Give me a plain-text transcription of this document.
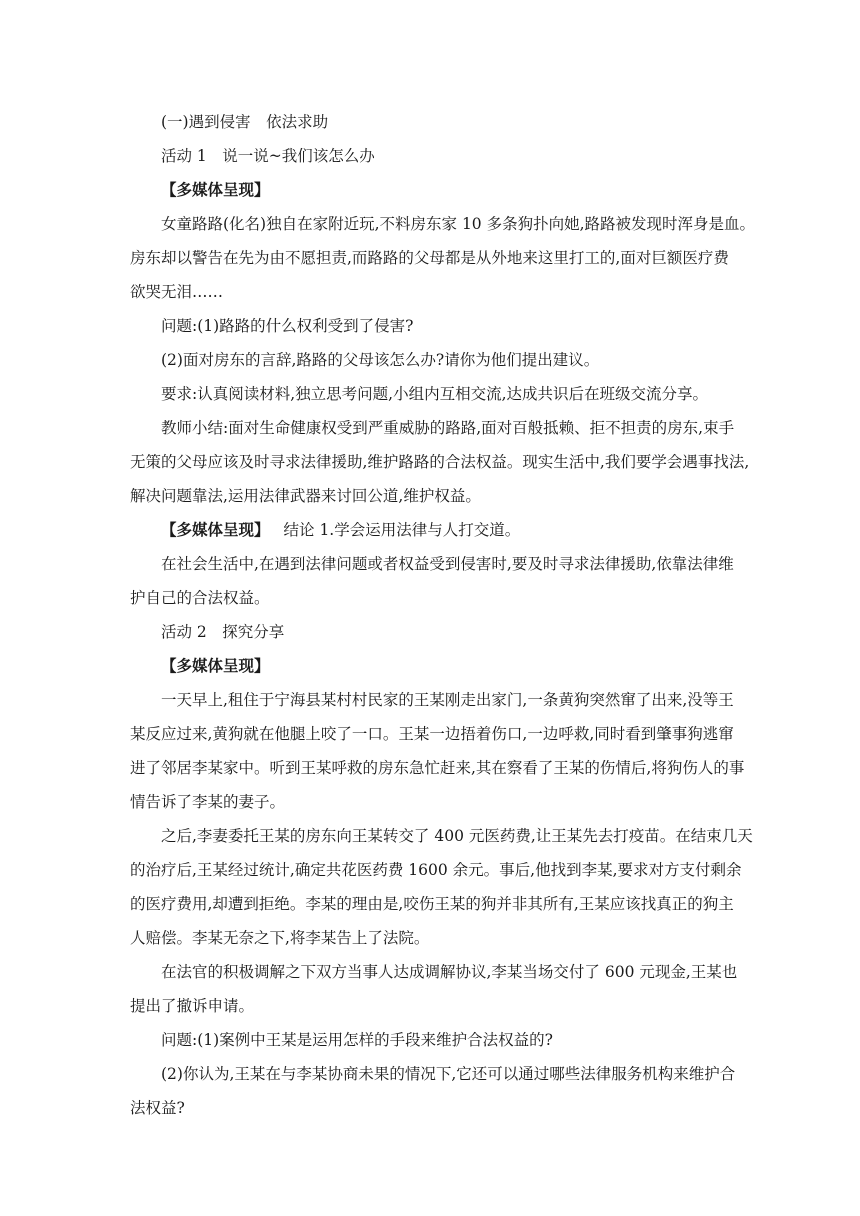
(一)遇到侵害　依法求助
活动 1　说一说~我们该怎么办
【多媒体呈现】
女童路路(化名)独自在家附近玩,不料房东家 10 多条狗扑向她,路路被发现时浑身是血。
房东却以警告在先为由不愿担责,而路路的父母都是从外地来这里打工的,面对巨额医疗费
欲哭无泪……
问题:(1)路路的什么权利受到了侵害?
(2)面对房东的言辞,路路的父母该怎么办?请你为他们提出建议。
要求:认真阅读材料,独立思考问题,小组内互相交流,达成共识后在班级交流分享。
教师小结:面对生命健康权受到严重威胁的路路,面对百般抵赖、拒不担责的房东,束手
无策的父母应该及时寻求法律援助,维护路路的合法权益。现实生活中,我们要学会遇事找法,
解决问题靠法,运用法律武器来讨回公道,维护权益。
【多媒体呈现】 结论 1.学会运用法律与人打交道。
在社会生活中,在遇到法律问题或者权益受到侵害时,要及时寻求法律援助,依靠法律维
护自己的合法权益。
活动 2　探究分享
【多媒体呈现】
一天早上,租住于宁海县某村村民家的王某刚走出家门,一条黄狗突然窜了出来,没等王
某反应过来,黄狗就在他腿上咬了一口。王某一边捂着伤口,一边呼救,同时看到肇事狗逃窜
进了邻居李某家中。听到王某呼救的房东急忙赶来,其在察看了王某的伤情后,将狗伤人的事
情告诉了李某的妻子。
之后,李妻委托王某的房东向王某转交了 400 元医药费,让王某先去打疫苗。在结束几天
的治疗后,王某经过统计,确定共花医药费 1600 余元。事后,他找到李某,要求对方支付剩余
的医疗费用,却遭到拒绝。李某的理由是,咬伤王某的狗并非其所有,王某应该找真正的狗主
人赔偿。李某无奈之下,将李某告上了法院。
在法官的积极调解之下双方当事人达成调解协议,李某当场交付了 600 元现金,王某也
提出了撤诉申请。
问题:(1)案例中王某是运用怎样的手段来维护合法权益的?
(2)你认为,王某在与李某协商未果的情况下,它还可以通过哪些法律服务机构来维护合
法权益?
